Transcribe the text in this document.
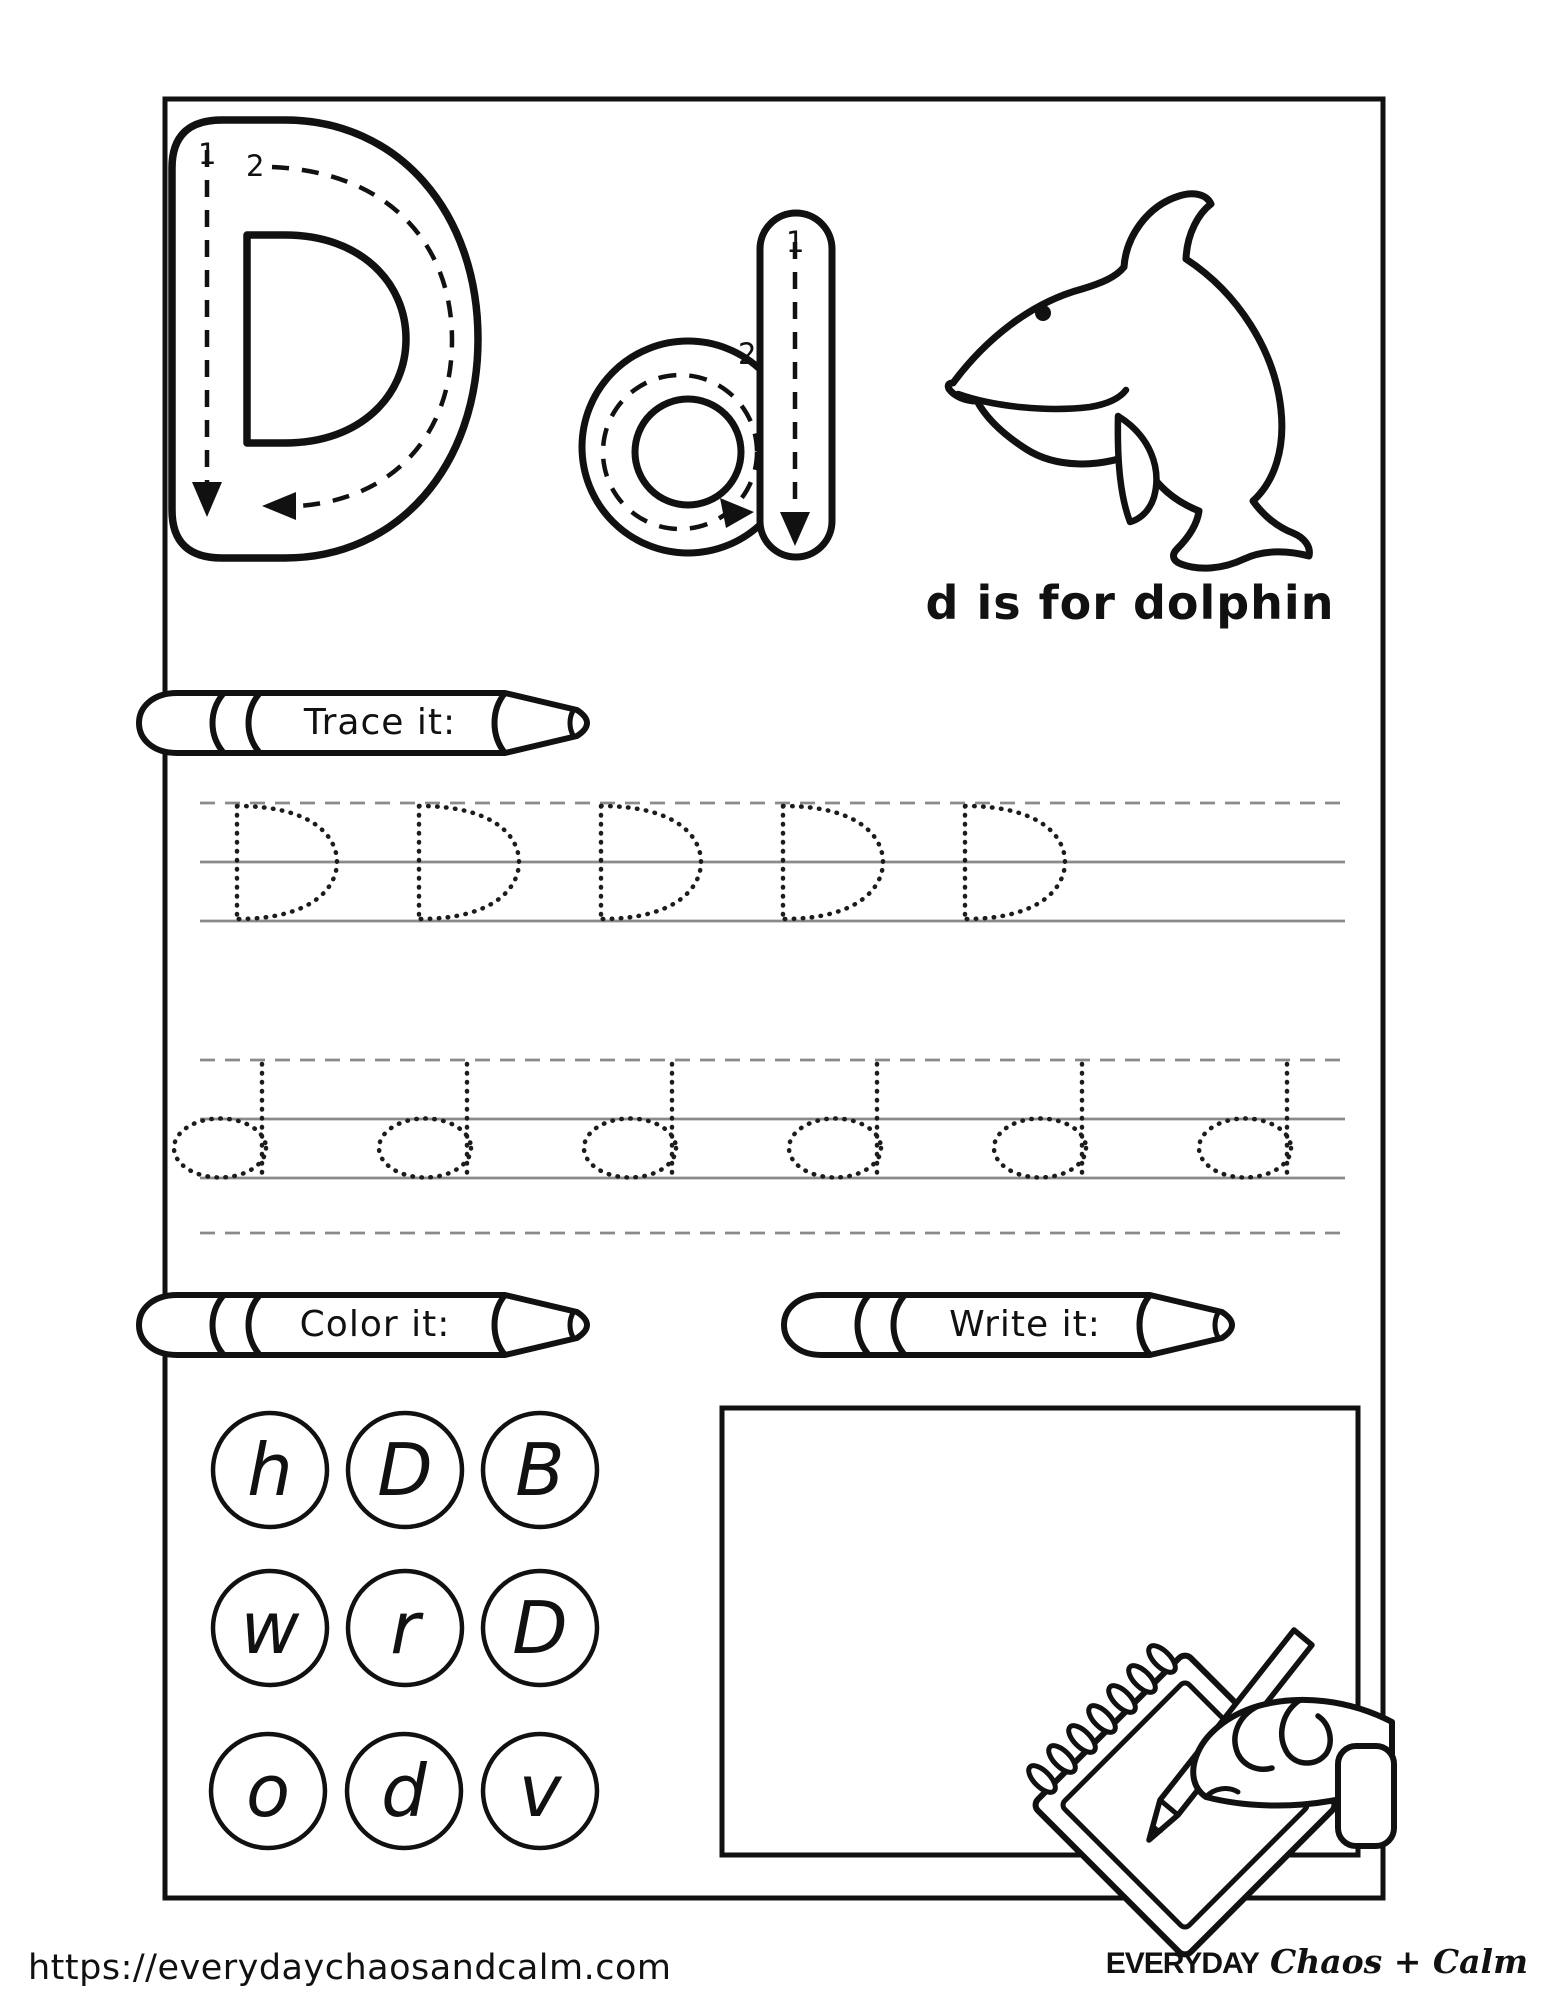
1 2
1
2
d is for dolphin
Trace it:
Color it:	Write it:
h	D	B
w	r	D
o	d	v
https://everydaychaosandcalm.com	EVERYDAY Chaos + Calm
